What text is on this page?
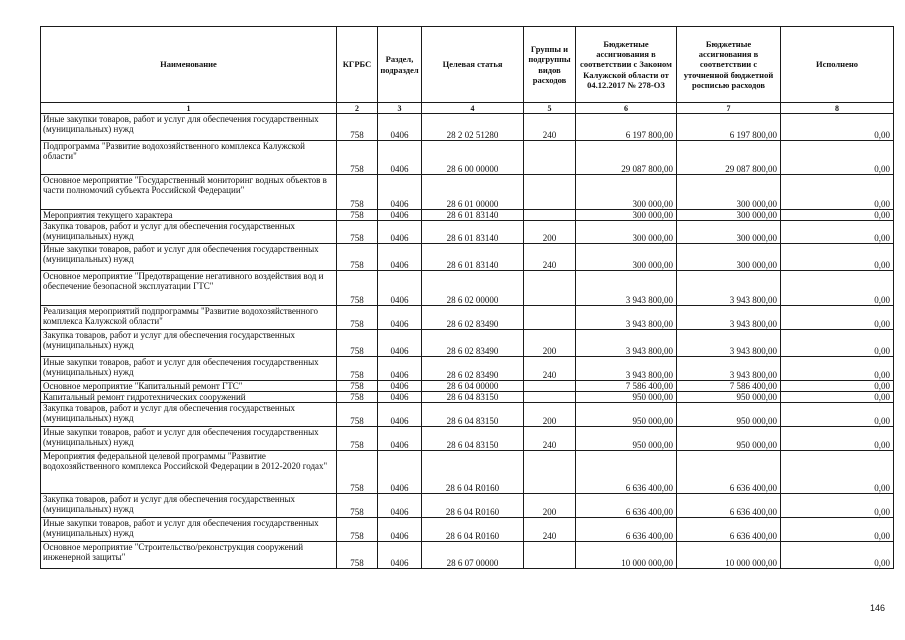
Наименование	КГРБС	Раздел, подраздел	Целевая статья	Группы и подгруппы видов расходов	Бюджетные ассигнования в соответствии с Законом Калужской области от 04.12.2017 № 278-ОЗ	Бюджетные ассигнования в соответствии с уточненной бюджетной росписью расходов	Исполнено
1	2	3	4	5	6	7	8
Иные закупки товаров, работ и услуг для обеспечения государственных (муниципальных) нужд	758	0406	28 2 02 51280	240	6 197 800,00	6 197 800,00	0,00
Подпрограмма "Развитие водохозяйственного комплекса Калужской области"	758	0406	28 6 00 00000		29 087 800,00	29 087 800,00	0,00
Основное мероприятие "Государственный мониторинг водных объектов в части полномочий субъекта Российской Федерации"	758	0406	28 6 01 00000		300 000,00	300 000,00	0,00
Мероприятия текущего характера	758	0406	28 6 01 83140		300 000,00	300 000,00	0,00
Закупка товаров, работ и услуг для обеспечения государственных (муниципальных) нужд	758	0406	28 6 01 83140	200	300 000,00	300 000,00	0,00
Иные закупки товаров, работ и услуг для обеспечения государственных (муниципальных) нужд	758	0406	28 6 01 83140	240	300 000,00	300 000,00	0,00
Основное мероприятие "Предотвращение негативного воздействия вод и обеспечение безопасной эксплуатации ГТС"	758	0406	28 6 02 00000		3 943 800,00	3 943 800,00	0,00
Реализация мероприятий подпрограммы "Развитие водохозяйственного комплекса Калужской области"	758	0406	28 6 02 83490		3 943 800,00	3 943 800,00	0,00
Закупка товаров, работ и услуг для обеспечения государственных (муниципальных) нужд	758	0406	28 6 02 83490	200	3 943 800,00	3 943 800,00	0,00
Иные закупки товаров, работ и услуг для обеспечения государственных (муниципальных) нужд	758	0406	28 6 02 83490	240	3 943 800,00	3 943 800,00	0,00
Основное мероприятие "Капитальный ремонт ГТС"	758	0406	28 6 04 00000		7 586 400,00	7 586 400,00	0,00
Капитальный ремонт гидротехнических сооружений	758	0406	28 6 04 83150		950 000,00	950 000,00	0,00
Закупка товаров, работ и услуг для обеспечения государственных (муниципальных) нужд	758	0406	28 6 04 83150	200	950 000,00	950 000,00	0,00
Иные закупки товаров, работ и услуг для обеспечения государственных (муниципальных) нужд	758	0406	28 6 04 83150	240	950 000,00	950 000,00	0,00
Мероприятия федеральной целевой программы "Развитие водохозяйственного комплекса Российской Федерации в 2012-2020 годах"	758	0406	28 6 04 R0160		6 636 400,00	6 636 400,00	0,00
Закупка товаров, работ и услуг для обеспечения государственных (муниципальных) нужд	758	0406	28 6 04 R0160	200	6 636 400,00	6 636 400,00	0,00
Иные закупки товаров, работ и услуг для обеспечения государственных (муниципальных) нужд	758	0406	28 6 04 R0160	240	6 636 400,00	6 636 400,00	0,00
Основное мероприятие "Строительство/реконструкция сооружений инженерной защиты"	758	0406	28 6 07 00000		10 000 000,00	10 000 000,00	0,00
146
